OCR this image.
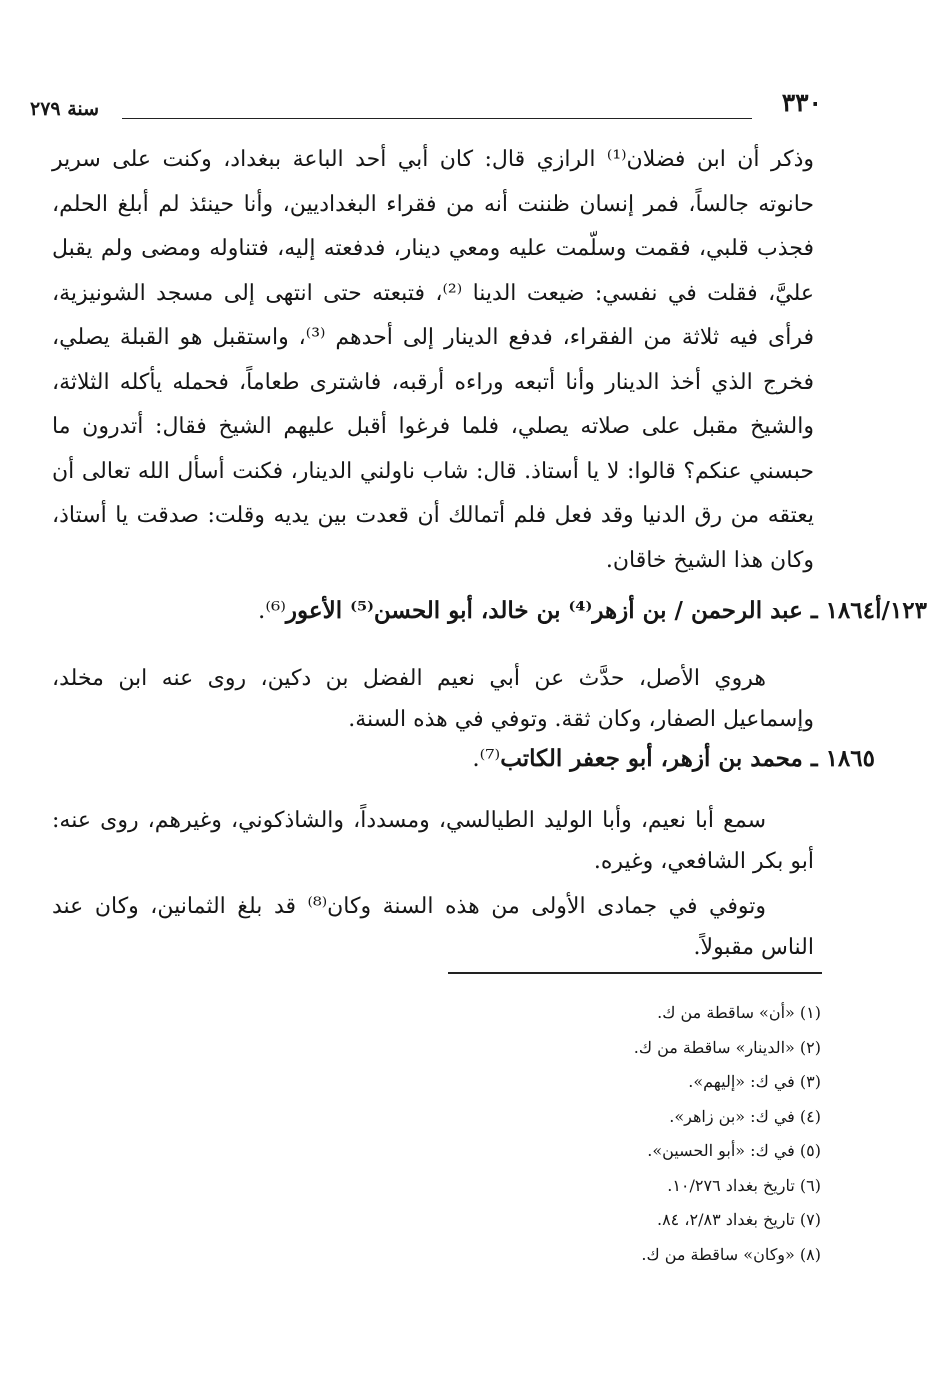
٣٣٠
سنة ٢٧٩

وذكر أن ابن فضلان⁽¹⁾ الرازي قال: كان أبي أحد الباعة ببغداد، وكنت على سرير حانوته جالساً، فمر إنسان ظننت أنه من فقراء البغداديين، وأنا حينئذ لم أبلغ الحلم، فجذب قلبي، فقمت وسلّمت عليه ومعي دينار، فدفعته إليه، فتناوله ومضى ولم يقبل عليَّ، فقلت في نفسي: ضيعت الدينا ⁽²⁾، فتبعته حتى انتهى إلى مسجد الشونيزية، فرأى فيه ثلاثة من الفقراء، فدفع الدينار إلى أحدهم ⁽³⁾، واستقبل هو القبلة يصلي، فخرج الذي أخذ الدينار وأنا أتبعه وراءه أرقبه، فاشترى طعاماً، فحمله يأكله الثلاثة، والشيخ مقبل على صلاته يصلي، فلما فرغوا أقبل عليهم الشيخ فقال: أتدرون ما حبسني عنكم؟ قالوا: لا يا أستاذ. قال: شاب ناولني الدينار، فكنت أسأل الله تعالى أن يعتقه من رق الدنيا وقد فعل فلم أتمالك أن قعدت بين يديه وقلت: صدقت يا أستاذ، وكان هذا الشيخ خاقان.

١٢٣/أ
١٨٦٤ ـ عبد الرحمن / بن أزهر⁽⁴⁾ بن خالد، أبو الحسن⁽⁵⁾ الأعور⁽⁶⁾.

هروي الأصل، حدَّث عن أبي نعيم الفضل بن دكين، روى عنه ابن مخلد، وإسماعيل الصفار، وكان ثقة. وتوفي في هذه السنة.

١٨٦٥ ـ محمد بن أزهر، أبو جعفر الكاتب⁽⁷⁾.

سمع أبا نعيم، وأبا الوليد الطيالسي، ومسدداً، والشاذكوني، وغيرهم، روى عنه: أبو بكر الشافعي، وغيره.

وتوفي في جمادى الأولى من هذه السنة وكان⁽⁸⁾ قد بلغ الثمانين، وكان عند الناس مقبولاً.

(١) «أن» ساقطة من ك.
(٢) «الدينار» ساقطة من ك.
(٣) في ك: «إليهم».
(٤) في ك: «بن زاهر».
(٥) في ك: «أبو الحسين».
(٦) تاريخ بغداد ١٠/٢٧٦.
(٧) تاريخ بغداد ٢/٨٣، ٨٤.
(٨) «وكان» ساقطة من ك.
